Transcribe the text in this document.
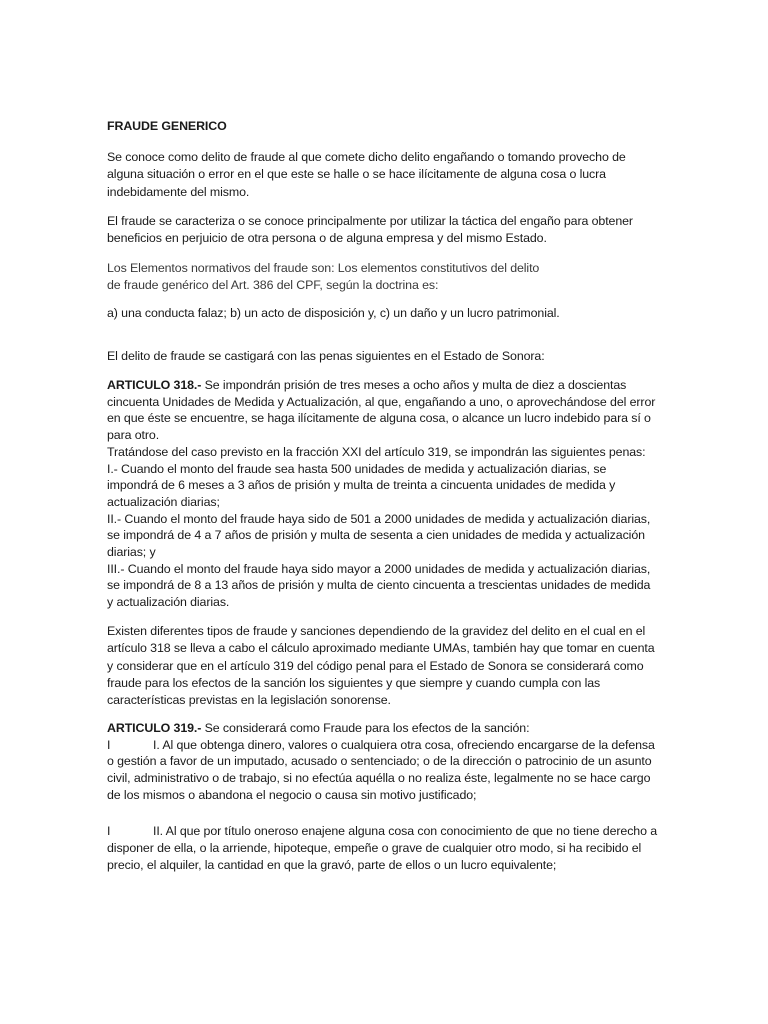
FRAUDE GENERICO

Se conoce como delito de fraude al que comete dicho delito engañando o tomando provecho de alguna situación o error en el que este se halle o se hace ilícitamente de alguna cosa o lucra indebidamente del mismo.

El fraude se caracteriza o se conoce principalmente por utilizar la táctica del engaño para obtener beneficios en perjuicio de otra persona o de alguna empresa y del mismo Estado.

Los Elementos normativos del fraude son: Los elementos constitutivos del delito
de fraude genérico del Art. 386 del CPF, según la doctrina es:

a) una conducta falaz; b) un acto de disposición y, c) un daño y un lucro patrimonial.

El delito de fraude se castigará con las penas siguientes en el Estado de Sonora:

ARTICULO 318.- Se impondrán prisión de tres meses a ocho años y multa de diez a doscientas cincuenta Unidades de Medida y Actualización, al que, engañando a uno, o aprovechándose del error en que éste se encuentre, se haga ilícitamente de alguna cosa, o alcance un lucro indebido para sí o para otro.
Tratándose del caso previsto en la fracción XXI del artículo 319, se impondrán las siguientes penas:
I.- Cuando el monto del fraude sea hasta 500 unidades de medida y actualización diarias, se impondrá de 6 meses a 3 años de prisión y multa de treinta a cincuenta unidades de medida y actualización diarias;
II.- Cuando el monto del fraude haya sido de 501 a 2000 unidades de medida y actualización diarias, se impondrá de 4 a 7 años de prisión y multa de sesenta a cien unidades de medida y actualización diarias; y
III.- Cuando el monto del fraude haya sido mayor a 2000 unidades de medida y actualización diarias, se impondrá de 8 a 13 años de prisión y multa de ciento cincuenta a trescientas unidades de medida y actualización diarias.

Existen diferentes tipos de fraude y sanciones dependiendo de la gravidez del delito en el cual en el artículo 318 se lleva a cabo el cálculo aproximado mediante UMAs, también hay que tomar en cuenta y considerar que en el artículo 319 del código penal para el Estado de Sonora se considerará como fraude para los efectos de la sanción los siguientes y que siempre y cuando cumpla con las características previstas en la legislación sonorense.

ARTICULO 319.- Se considerará como Fraude para los efectos de la sanción:
I	I. Al que obtenga dinero, valores o cualquiera otra cosa, ofreciendo encargarse de la defensa o gestión a favor de un imputado, acusado o sentenciado; o de la dirección o patrocinio de un asunto civil, administrativo o de trabajo, si no efectúa aquélla o no realiza éste, legalmente no se hace cargo de los mismos o abandona el negocio o causa sin motivo justificado;
I	II. Al que por título oneroso enajene alguna cosa con conocimiento de que no tiene derecho a disponer de ella, o la arriende, hipoteque, empeñe o grave de cualquier otro modo, si ha recibido el precio, el alquiler, la cantidad en que la gravó, parte de ellos o un lucro equivalente;
